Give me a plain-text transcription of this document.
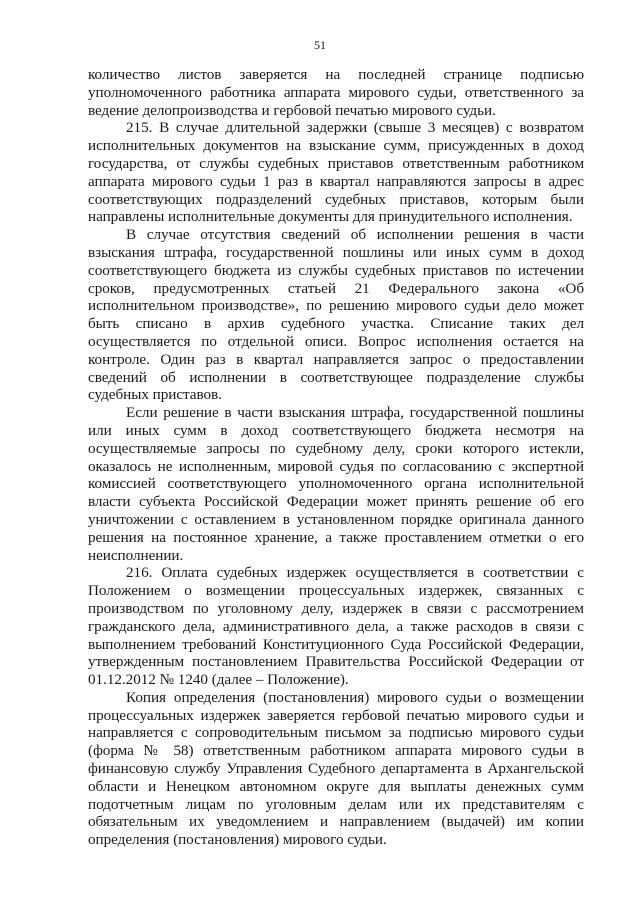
51

количество листов заверяется на последней странице подписью уполномоченного работника аппарата мирового судьи, ответственного за ведение делопроизводства и гербовой печатью мирового судьи.

215. В случае длительной задержки (свыше 3 месяцев) с возвратом исполнительных документов на взыскание сумм, присужденных в доход государства, от службы судебных приставов ответственным работником аппарата мирового судьи 1 раз в квартал направляются запросы в адрес соответствующих подразделений судебных приставов, которым были направлены исполнительные документы для принудительного исполнения.

В случае отсутствия сведений об исполнении решения в части взыскания штрафа, государственной пошлины или иных сумм в доход соответствующего бюджета из службы судебных приставов по истечении сроков, предусмотренных статьей 21 Федерального закона «Об исполнительном производстве», по решению мирового судьи дело может быть списано в архив судебного участка. Списание таких дел осуществляется по отдельной описи. Вопрос исполнения остается на контроле. Один раз в квартал направляется запрос о предоставлении сведений об исполнении в соответствующее подразделение службы судебных приставов.

Если решение в части взыскания штрафа, государственной пошлины или иных сумм в доход соответствующего бюджета несмотря на осуществляемые запросы по судебному делу, сроки которого истекли, оказалось не исполненным, мировой судья по согласованию с экспертной комиссией соответствующего уполномоченного органа исполнительной власти субъекта Российской Федерации может принять решение об его уничтожении с оставлением в установленном порядке оригинала данного решения на постоянное хранение, а также проставлением отметки о его неисполнении.

216. Оплата судебных издержек осуществляется в соответствии с Положением о возмещении процессуальных издержек, связанных с производством по уголовному делу, издержек в связи с рассмотрением гражданского дела, административного дела, а также расходов в связи с выполнением требований Конституционного Суда Российской Федерации, утвержденным постановлением Правительства Российской Федерации от 01.12.2012 № 1240 (далее – Положение).

Копия определения (постановления) мирового судьи о возмещении процессуальных издержек заверяется гербовой печатью мирового судьи и направляется с сопроводительным письмом за подписью мирового судьи (форма № 58) ответственным работником аппарата мирового судьи в финансовую службу Управления Судебного департамента в Архангельской области и Ненецком автономном округе для выплаты денежных сумм подотчетным лицам по уголовным делам или их представителям с обязательным их уведомлением и направлением (выдачей) им копии определения (постановления) мирового судьи.
